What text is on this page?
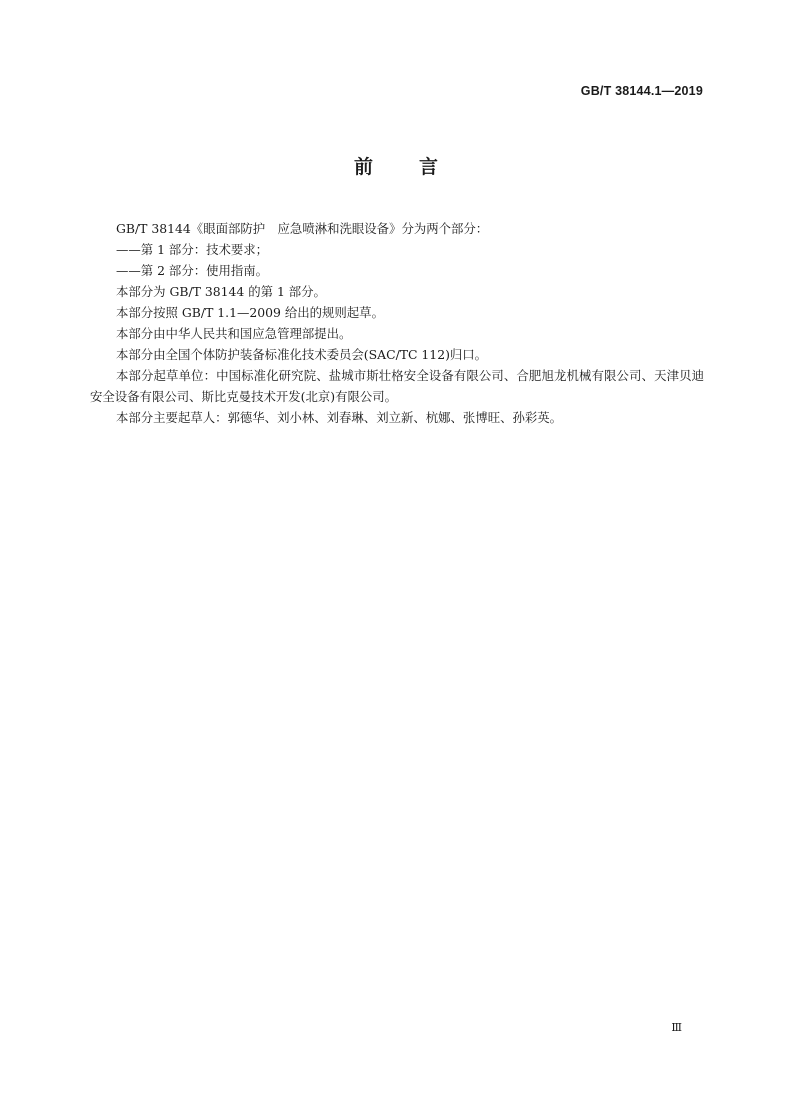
GB/T 38144.1—2019
前言

GB/T 38144《眼面部防护　应急喷淋和洗眼设备》分为两个部分：

——第 1 部分：技术要求；

——第 2 部分：使用指南。

本部分为 GB/T 38144 的第 1 部分。

本部分按照 GB/T 1.1—2009 给出的规则起草。

本部分由中华人民共和国应急管理部提出。

本部分由全国个体防护装备标准化技术委员会(SAC/TC 112)归口。

本部分起草单位：中国标准化研究院、盐城市斯壮格安全设备有限公司、合肥旭龙机械有限公司、天津贝迪安全设备有限公司、斯比克曼技术开发(北京)有限公司。

本部分主要起草人：郭德华、刘小林、刘春琳、刘立新、杭娜、张博旺、孙彩英。

Ⅲ
